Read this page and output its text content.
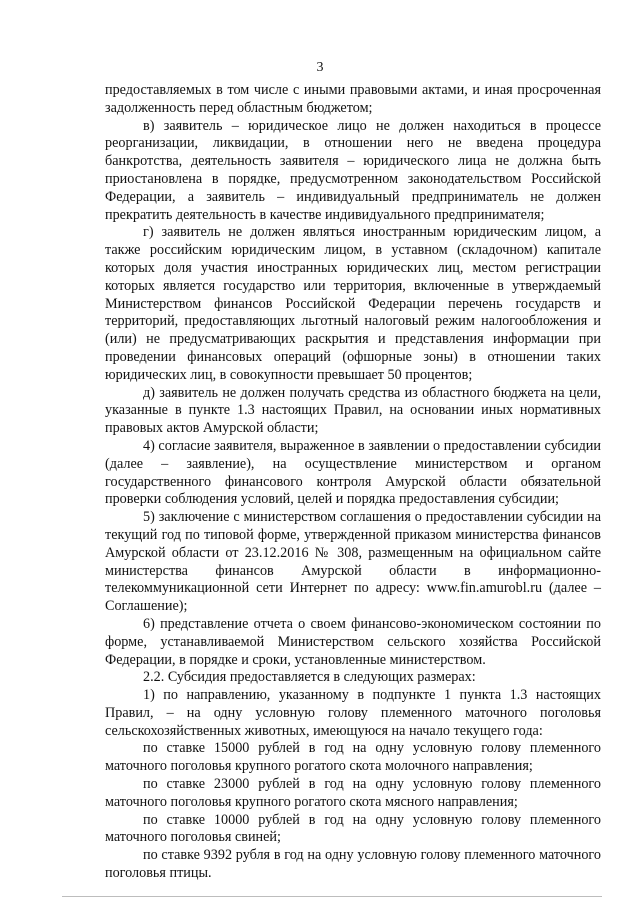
3

предоставляемых в том числе с иными правовыми актами, и иная просроченная задолженность перед областным бюджетом;

в) заявитель – юридическое лицо не должен находиться в процессе реорганизации, ликвидации, в отношении него не введена процедура банкротства, деятельность заявителя – юридического лица не должна быть приостановлена в порядке, предусмотренном законодательством Российской Федерации, а заявитель – индивидуальный предприниматель не должен прекратить деятельность в качестве индивидуального предпринимателя;

г) заявитель не должен являться иностранным юридическим лицом, а также российским юридическим лицом, в уставном (складочном) капитале которых доля участия иностранных юридических лиц, местом регистрации которых является государство или территория, включенные в утверждаемый Министерством финансов Российской Федерации перечень государств и территорий, предоставляющих льготный налоговый режим налогообложения и (или) не предусматривающих раскрытия и представления информации при проведении финансовых операций (офшорные зоны) в отношении таких юридических лиц, в совокупности превышает 50 процентов;

д) заявитель не должен получать средства из областного бюджета на цели, указанные в пункте 1.3 настоящих Правил, на основании иных нормативных правовых актов Амурской области;

4) согласие заявителя, выраженное в заявлении о предоставлении субсидии (далее – заявление), на осуществление министерством и органом государственного финансового контроля Амурской области обязательной проверки соблюдения условий, целей и порядка предоставления субсидии;

5) заключение с министерством соглашения о предоставлении субсидии на текущий год по типовой форме, утвержденной приказом министерства финансов Амурской области от 23.12.2016 № 308, размещенным на официальном сайте министерства финансов Амурской области в информационно-телекоммуникационной сети Интернет по адресу: www.fin.amurobl.ru (далее – Соглашение);

6) представление отчета о своем финансово-экономическом состоянии по форме, устанавливаемой Министерством сельского хозяйства Российской Федерации, в порядке и сроки, установленные министерством.

2.2. Субсидия предоставляется в следующих размерах:

1) по направлению, указанному в подпункте 1 пункта 1.3 настоящих Правил, – на одну условную голову племенного маточного поголовья сельскохозяйственных животных, имеющуюся на начало текущего года:

по ставке 15000 рублей в год на одну условную голову племенного маточного поголовья крупного рогатого скота молочного направления;

по ставке 23000 рублей в год на одну условную голову племенного маточного поголовья крупного рогатого скота мясного направления;

по ставке 10000 рублей в год на одну условную голову племенного маточного поголовья свиней;

по ставке 9392 рубля в год на одну условную голову племенного маточного поголовья птицы.
